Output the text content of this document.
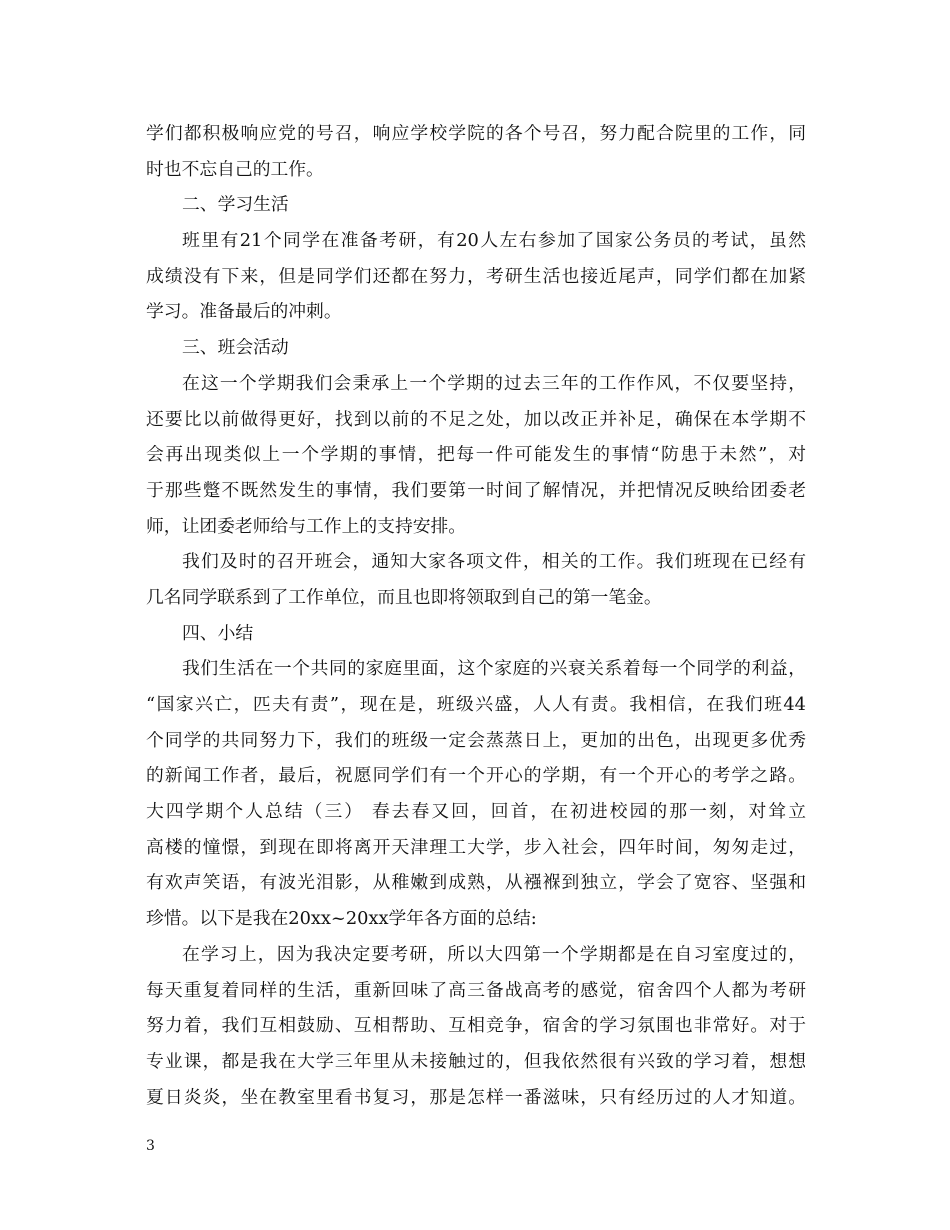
学们都积极响应党的号召，响应学校学院的各个号召，努力配合院里的工作，同
时也不忘自己的工作。
二、学习生活
班里有21个同学在准备考研，有20人左右参加了国家公务员的考试，虽然
成绩没有下来，但是同学们还都在努力，考研生活也接近尾声，同学们都在加紧
学习。准备最后的冲刺。
三、班会活动
在这一个学期我们会秉承上一个学期的过去三年的工作作风，不仅要坚持，
还要比以前做得更好，找到以前的不足之处，加以改正并补足，确保在本学期不
会再出现类似上一个学期的事情，把每一件可能发生的事情“防患于未然”，对
于那些蹩不既然发生的事情，我们要第一时间了解情况，并把情况反映给团委老
师，让团委老师给与工作上的支持安排。
我们及时的召开班会，通知大家各项文件，相关的工作。我们班现在已经有
几名同学联系到了工作单位，而且也即将领取到自己的第一笔金。
四、小结
我们生活在一个共同的家庭里面，这个家庭的兴衰关系着每一个同学的利益，
“国家兴亡，匹夫有责”，现在是，班级兴盛，人人有责。我相信，在我们班44
个同学的共同努力下，我们的班级一定会蒸蒸日上，更加的出色，出现更多优秀
的新闻工作者，最后，祝愿同学们有一个开心的学期，有一个开心的考学之路。
大四学期个人总结（三） 春去春又回，回首，在初进校园的那一刻，对耸立
高楼的憧憬，到现在即将离开天津理工大学，步入社会，四年时间，匆匆走过，
有欢声笑语，有波光泪影，从稚嫩到成熟，从襁褓到独立，学会了宽容、坚强和
珍惜。以下是我在20xx~20xx学年各方面的总结:
在学习上，因为我决定要考研，所以大四第一个学期都是在自习室度过的，
每天重复着同样的生活，重新回味了高三备战高考的感觉，宿舍四个人都为考研
努力着，我们互相鼓励、互相帮助、互相竞争，宿舍的学习氛围也非常好。对于
专业课，都是我在大学三年里从未接触过的，但我依然很有兴致的学习着，想想
夏日炎炎，坐在教室里看书复习，那是怎样一番滋味，只有经历过的人才知道。
3
